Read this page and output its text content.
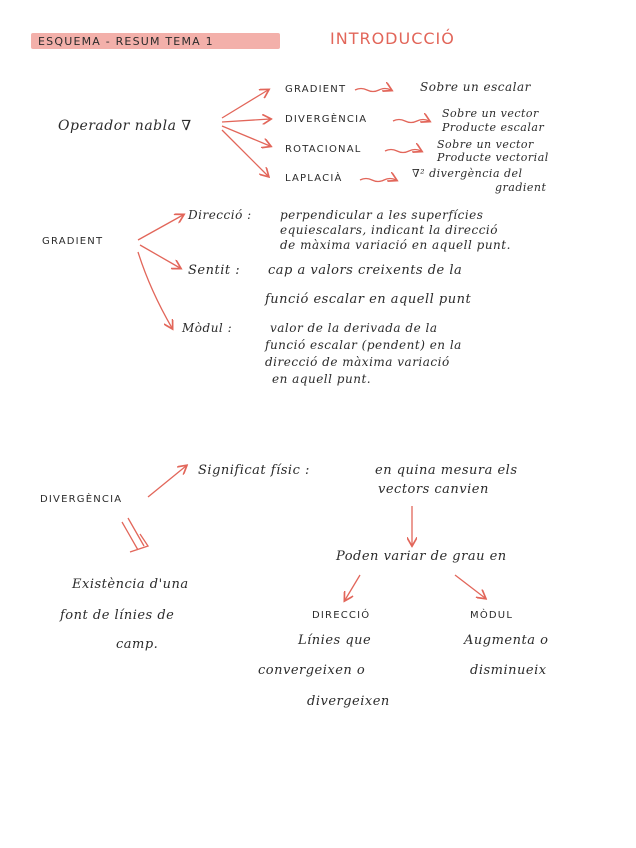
ESQUEMA - RESUM TEMA 1	INTRODUCCIÓ
Operador nabla ∇
GRADIENT	Sobre un escalar
DIVERGÈNCIA	Sobre un vector
Producte escalar
ROTACIONAL	Sobre un vector
Producte vectorial
LAPLACIÀ	∇² divergència del
gradient
GRADIENT
Direcció : perpendicular a les superfícies
equiescalars, indicant la direcció
de màxima variació en aquell punt.
Sentit : cap a valors creixents de la
funció escalar en aquell punt
Mòdul :	valor de la derivada de la
funció escalar (pendent) en la
direcció de màxima variació
en aquell punt.
DIVERGÈNCIA
Significat físic :	en quina mesura els
vectors canvien
Existència d'una
font de línies de
camp.
Poden variar de grau en
DIRECCIÓ
Línies que
convergeixen o
divergeixen
MÒDUL
Augmenta o
disminueix
